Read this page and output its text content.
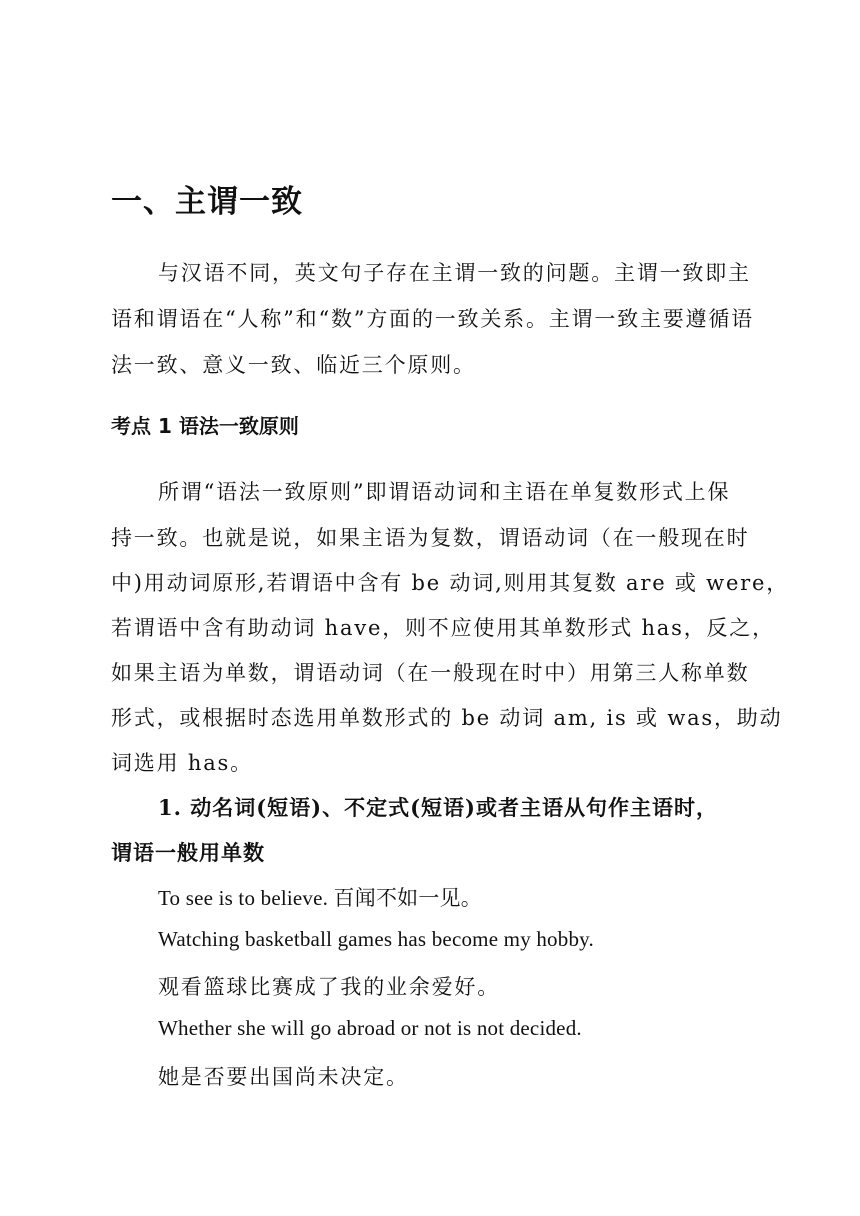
一、主谓一致
与汉语不同，英文句子存在主谓一致的问题。主谓一致即主
语和谓语在“人称”和“数”方面的一致关系。主谓一致主要遵循语
法一致、意义一致、临近三个原则。
考点 1 语法一致原则
所谓“语法一致原则”即谓语动词和主语在单复数形式上保
持一致。也就是说，如果主语为复数，谓语动词（在一般现在时
中)用动词原形,若谓语中含有 be 动词,则用其复数 are 或 were，
若谓语中含有助动词 have，则不应使用其单数形式 has，反之，
如果主语为单数，谓语动词（在一般现在时中）用第三人称单数
形式，或根据时态选用单数形式的 be 动词 am, is 或 was，助动
词选用 has。
1. 动名词(短语)、不定式(短语)或者主语从句作主语时，
谓语一般用单数
To see is to believe. 百闻不如一见。
Watching basketball games has become my hobby.
观看篮球比赛成了我的业余爱好。
Whether she will go abroad or not is not decided.
她是否要出国尚未决定。
